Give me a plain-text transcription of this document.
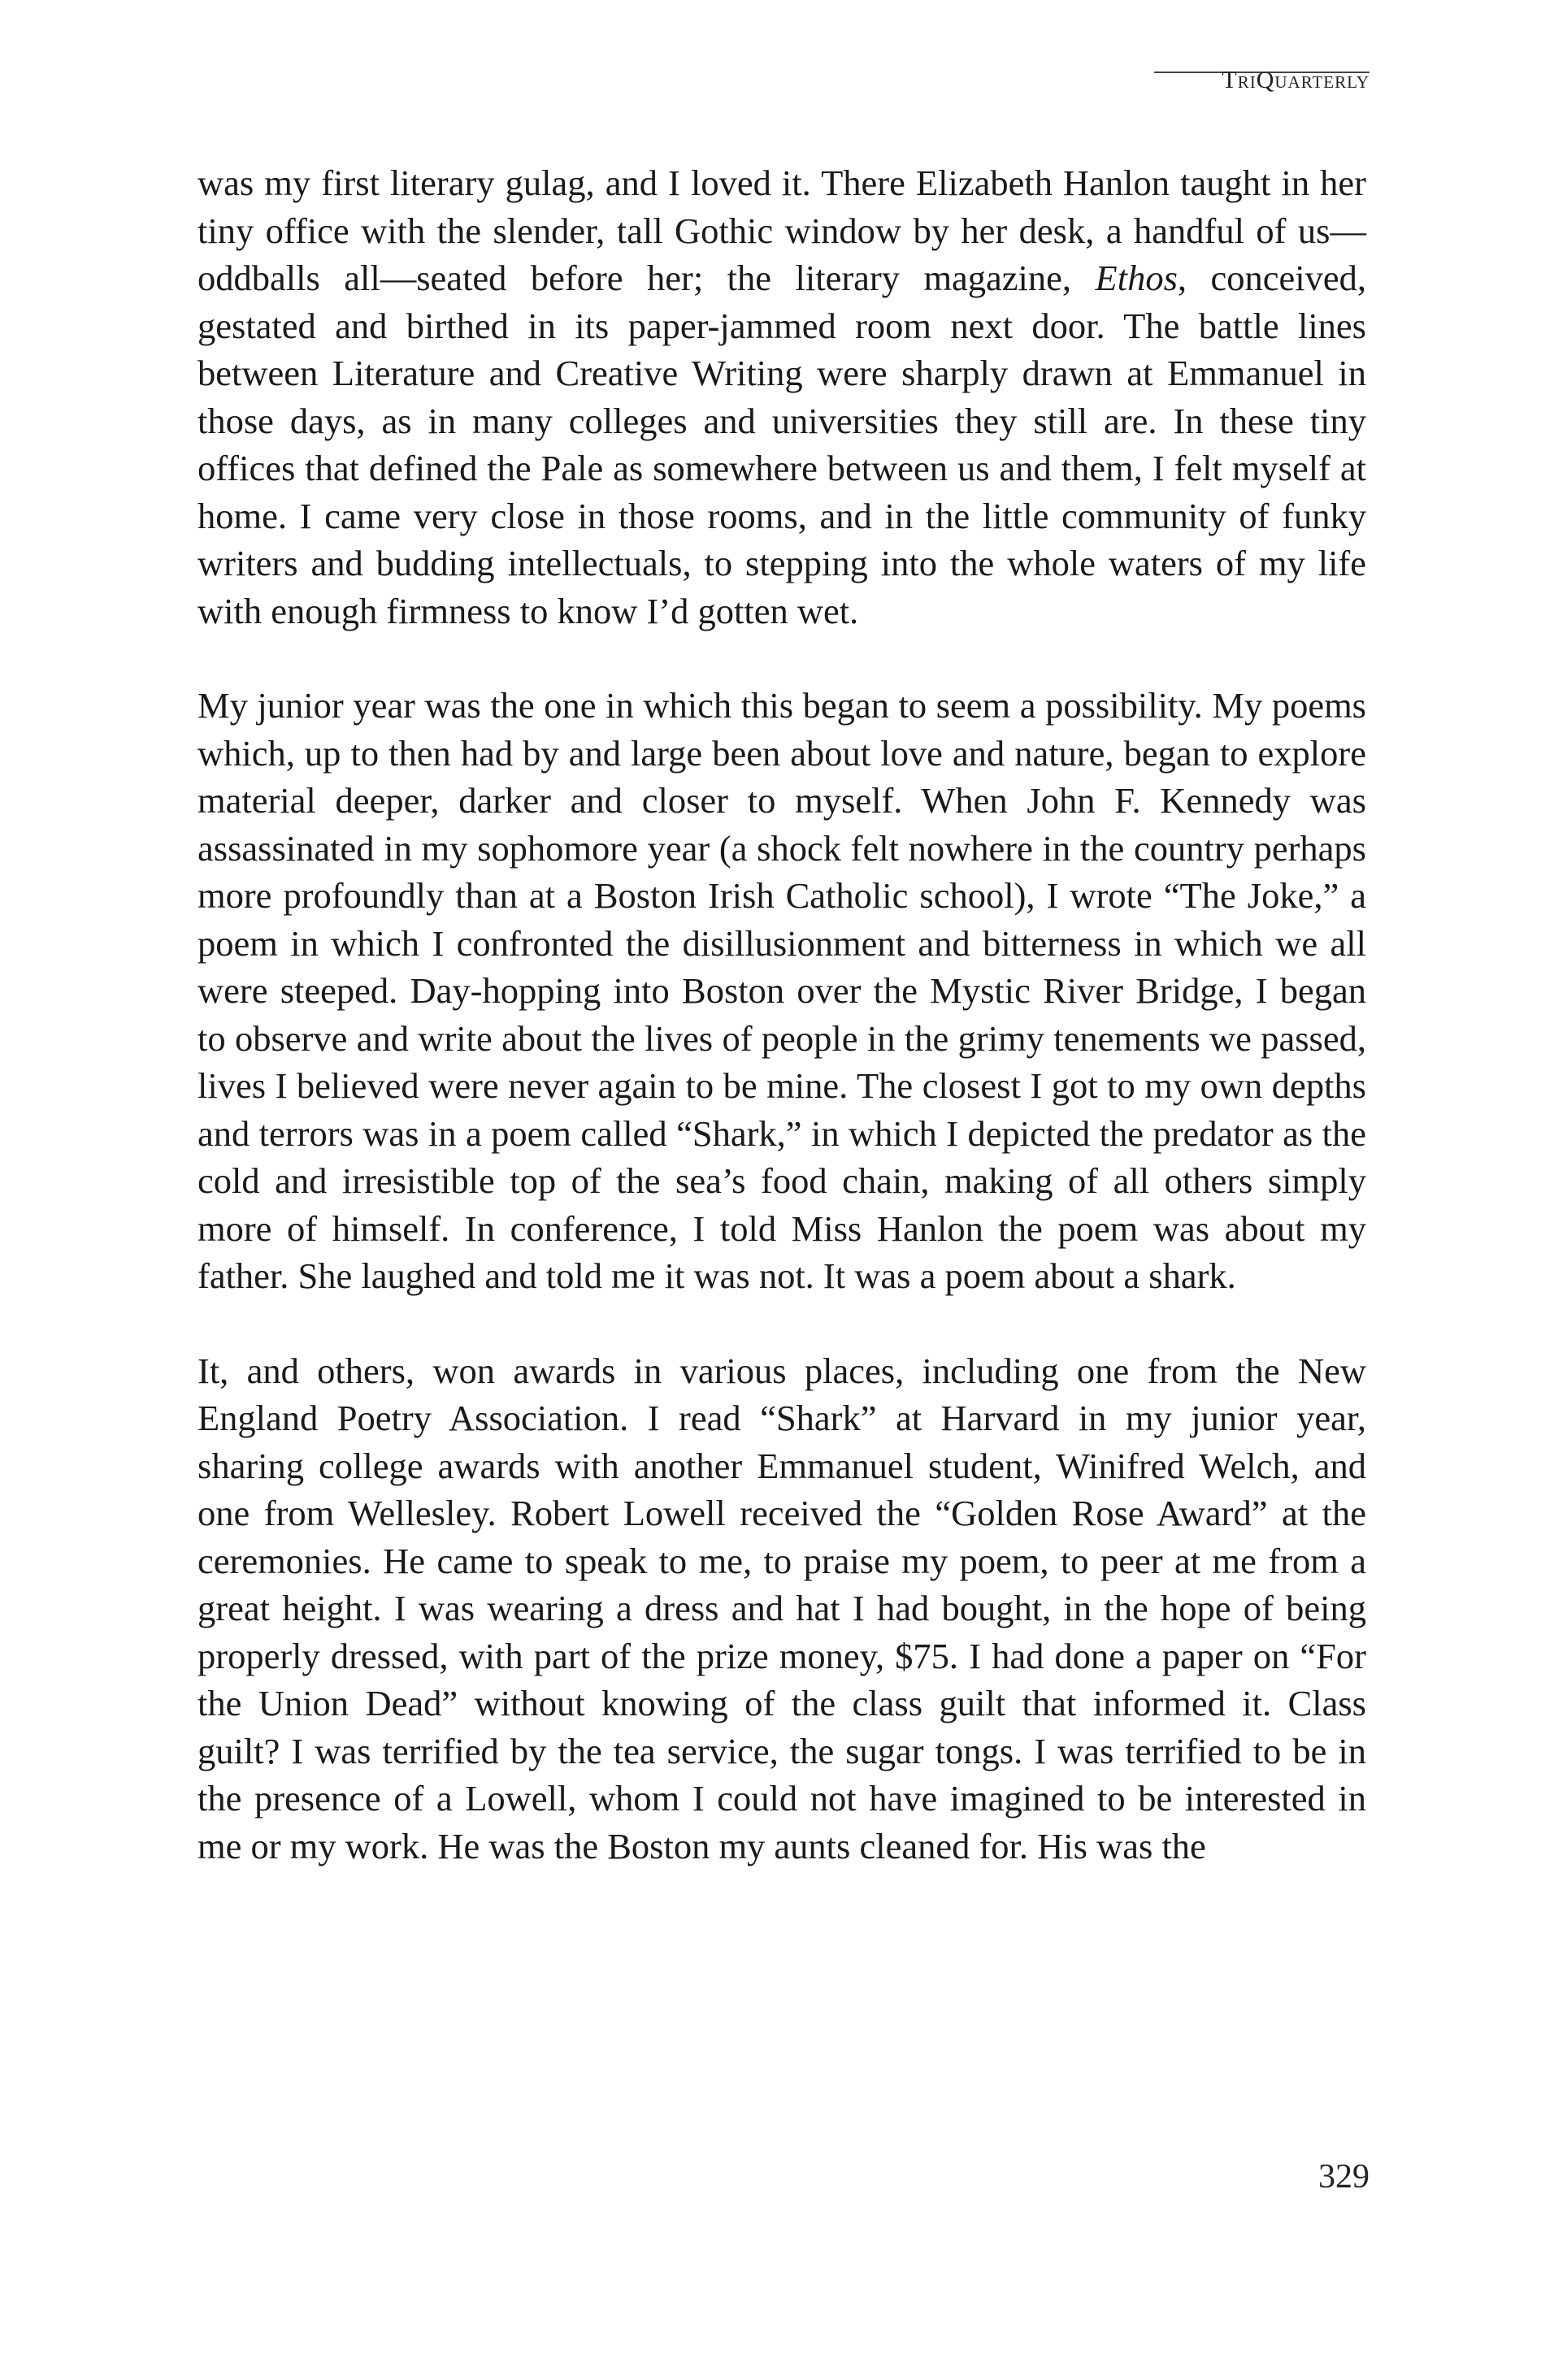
TriQuarterly

was my first literary gulag, and I loved it. There Elizabeth Hanlon taught in her tiny office with the slender, tall Gothic window by her desk, a handful of us—oddballs all—seated before her; the literary magazine, Ethos, conceived, gestated and birthed in its paper-jammed room next door. The battle lines between Literature and Creative Writing were sharply drawn at Emmanuel in those days, as in many colleges and universities they still are. In these tiny offices that defined the Pale as somewhere between us and them, I felt myself at home. I came very close in those rooms, and in the little community of funky writers and budding intellectuals, to stepping into the whole waters of my life with enough firmness to know I’d gotten wet.

My junior year was the one in which this began to seem a possibility. My poems which, up to then had by and large been about love and nature, began to explore material deeper, darker and closer to myself. When John F. Kennedy was assassinated in my sophomore year (a shock felt nowhere in the country perhaps more profoundly than at a Boston Irish Catholic school), I wrote “The Joke,” a poem in which I confronted the disillusionment and bitterness in which we all were steeped. Day-hopping into Boston over the Mystic River Bridge, I began to observe and write about the lives of people in the grimy tenements we passed, lives I believed were never again to be mine. The closest I got to my own depths and terrors was in a poem called “Shark,” in which I depicted the predator as the cold and irresistible top of the sea’s food chain, making of all others simply more of himself. In conference, I told Miss Hanlon the poem was about my father. She laughed and told me it was not. It was a poem about a shark.

It, and others, won awards in various places, including one from the New England Poetry Association. I read “Shark” at Harvard in my junior year, sharing college awards with another Emmanuel student, Winifred Welch, and one from Wellesley. Robert Lowell received the “Golden Rose Award” at the ceremonies. He came to speak to me, to praise my poem, to peer at me from a great height. I was wearing a dress and hat I had bought, in the hope of being properly dressed, with part of the prize money, $75. I had done a paper on “For the Union Dead” without knowing of the class guilt that informed it. Class guilt? I was terrified by the tea service, the sugar tongs. I was terrified to be in the presence of a Lowell, whom I could not have imagined to be interested in me or my work. He was the Boston my aunts cleaned for. His was the

329
